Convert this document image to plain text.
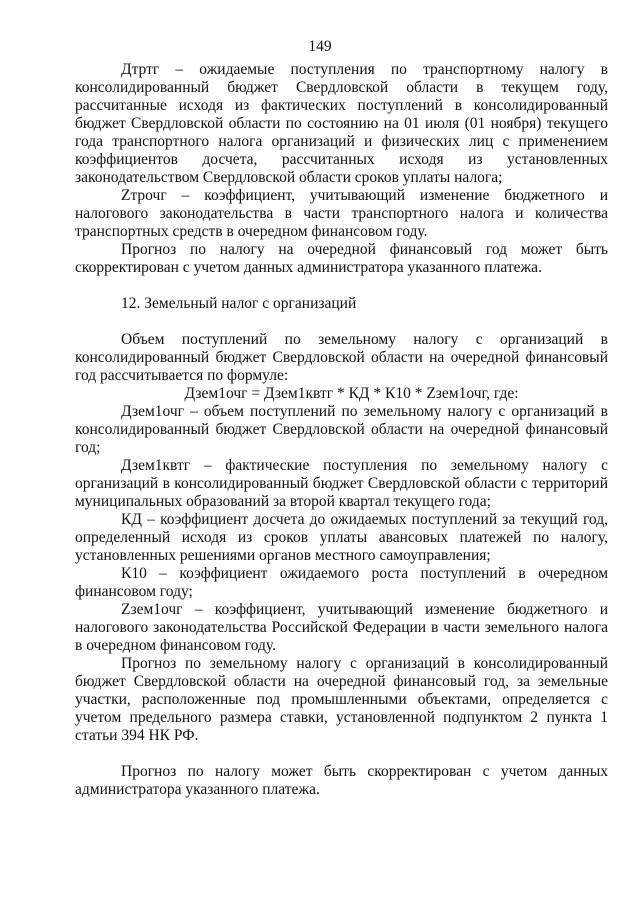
149

Дтртг – ожидаемые поступления по транспортному налогу в консолидированный бюджет Свердловской области в текущем году, рассчитанные исходя из фактических поступлений в консолидированный бюджет Свердловской области по состоянию на 01 июля (01 ноября) текущего года транспортного налога организаций и физических лиц с применением коэффициентов досчета, рассчитанных исходя из установленных законодательством Свердловской области сроков уплаты налога;

Zтрочг – коэффициент, учитывающий изменение бюджетного и налогового законодательства в части транспортного налога и количества транспортных средств в очередном финансовом году.

Прогноз по налогу на очередной финансовый год может быть скорректирован с учетом данных администратора указанного платежа.

12. Земельный налог с организаций

Объем поступлений по земельному налогу с организаций в консолидированный бюджет Свердловской области на очередной финансовый год рассчитывается по формуле:

Дзем1очг = Дзем1квтг * КД * К10 * Zзем1очг, где:

Дзем1очг – объем поступлений по земельному налогу с организаций в консолидированный бюджет Свердловской области на очередной финансовый год;

Дзем1квтг – фактические поступления по земельному налогу с организаций в консолидированный бюджет Свердловской области с территорий муниципальных образований за второй квартал текущего года;

КД – коэффициент досчета до ожидаемых поступлений за текущий год, определенный исходя из сроков уплаты авансовых платежей по налогу, установленных решениями органов местного самоуправления;

К10 – коэффициент ожидаемого роста поступлений в очередном финансовом году;

Zзем1очг – коэффициент, учитывающий изменение бюджетного и налогового законодательства Российской Федерации в части земельного налога в очередном финансовом году.

Прогноз по земельному налогу с организаций в консолидированный бюджет Свердловской области на очередной финансовый год, за земельные участки, расположенные под промышленными объектами, определяется с учетом предельного размера ставки, установленной подпунктом 2 пункта 1 статьи 394 НК РФ.

Прогноз по налогу может быть скорректирован с учетом данных администратора указанного платежа.
